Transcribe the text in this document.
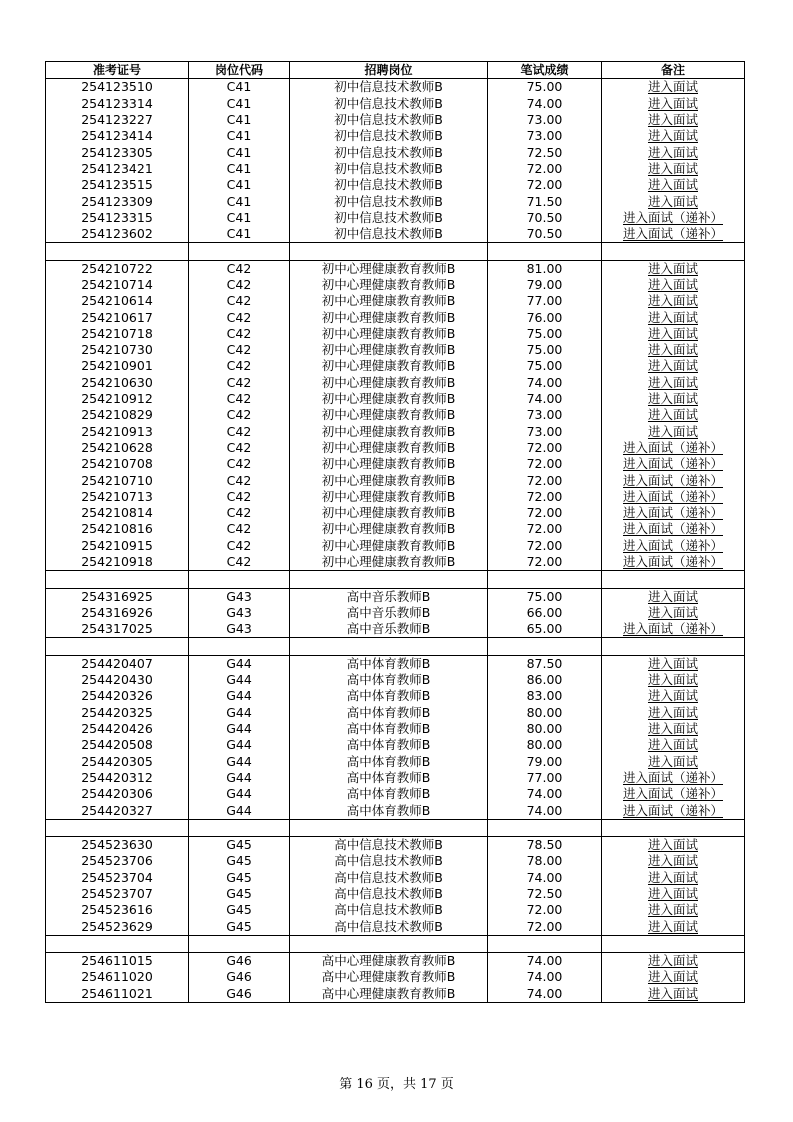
准考证号	岗位代码	招聘岗位	笔试成绩	备注
254123510	C41	初中信息技术教师B	75.00	进入面试
254123314	C41	初中信息技术教师B	74.00	进入面试
254123227	C41	初中信息技术教师B	73.00	进入面试
254123414	C41	初中信息技术教师B	73.00	进入面试
254123305	C41	初中信息技术教师B	72.50	进入面试
254123421	C41	初中信息技术教师B	72.00	进入面试
254123515	C41	初中信息技术教师B	72.00	进入面试
254123309	C41	初中信息技术教师B	71.50	进入面试
254123315	C41	初中信息技术教师B	70.50	进入面试（递补）
254123602	C41	初中信息技术教师B	70.50	进入面试（递补）

254210722	C42	初中心理健康教育教师B	81.00	进入面试
254210714	C42	初中心理健康教育教师B	79.00	进入面试
254210614	C42	初中心理健康教育教师B	77.00	进入面试
254210617	C42	初中心理健康教育教师B	76.00	进入面试
254210718	C42	初中心理健康教育教师B	75.00	进入面试
254210730	C42	初中心理健康教育教师B	75.00	进入面试
254210901	C42	初中心理健康教育教师B	75.00	进入面试
254210630	C42	初中心理健康教育教师B	74.00	进入面试
254210912	C42	初中心理健康教育教师B	74.00	进入面试
254210829	C42	初中心理健康教育教师B	73.00	进入面试
254210913	C42	初中心理健康教育教师B	73.00	进入面试
254210628	C42	初中心理健康教育教师B	72.00	进入面试（递补）
254210708	C42	初中心理健康教育教师B	72.00	进入面试（递补）
254210710	C42	初中心理健康教育教师B	72.00	进入面试（递补）
254210713	C42	初中心理健康教育教师B	72.00	进入面试（递补）
254210814	C42	初中心理健康教育教师B	72.00	进入面试（递补）
254210816	C42	初中心理健康教育教师B	72.00	进入面试（递补）
254210915	C42	初中心理健康教育教师B	72.00	进入面试（递补）
254210918	C42	初中心理健康教育教师B	72.00	进入面试（递补）

254316925	G43	高中音乐教师B	75.00	进入面试
254316926	G43	高中音乐教师B	66.00	进入面试
254317025	G43	高中音乐教师B	65.00	进入面试（递补）

254420407	G44	高中体育教师B	87.50	进入面试
254420430	G44	高中体育教师B	86.00	进入面试
254420326	G44	高中体育教师B	83.00	进入面试
254420325	G44	高中体育教师B	80.00	进入面试
254420426	G44	高中体育教师B	80.00	进入面试
254420508	G44	高中体育教师B	80.00	进入面试
254420305	G44	高中体育教师B	79.00	进入面试
254420312	G44	高中体育教师B	77.00	进入面试（递补）
254420306	G44	高中体育教师B	74.00	进入面试（递补）
254420327	G44	高中体育教师B	74.00	进入面试（递补）

254523630	G45	高中信息技术教师B	78.50	进入面试
254523706	G45	高中信息技术教师B	78.00	进入面试
254523704	G45	高中信息技术教师B	74.00	进入面试
254523707	G45	高中信息技术教师B	72.50	进入面试
254523616	G45	高中信息技术教师B	72.00	进入面试
254523629	G45	高中信息技术教师B	72.00	进入面试

254611015	G46	高中心理健康教育教师B	74.00	进入面试
254611020	G46	高中心理健康教育教师B	74.00	进入面试
254611021	G46	高中心理健康教育教师B	74.00	进入面试
第 16 页，共 17 页
